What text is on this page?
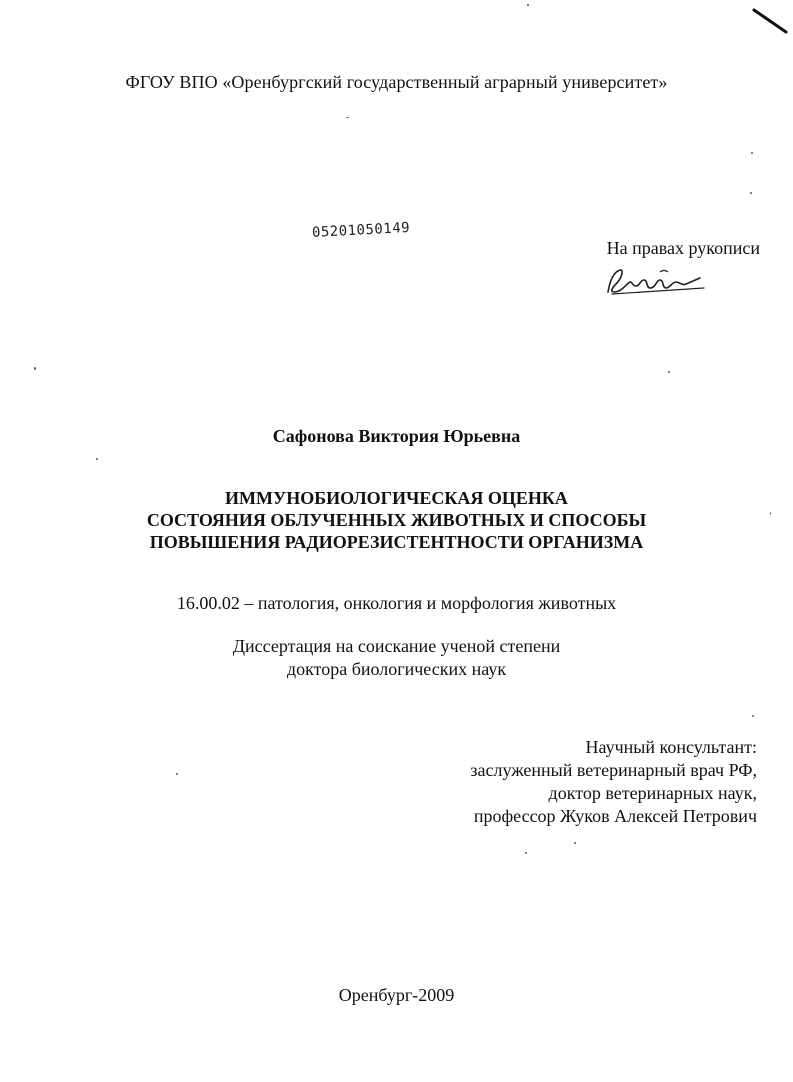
ФГОУ ВПО «Оренбургский государственный аграрный университет»
05201050149
На правах рукописи
Сафонова Виктория Юрьевна
ИММУНОБИОЛОГИЧЕСКАЯ ОЦЕНКА
СОСТОЯНИЯ ОБЛУЧЕННЫХ ЖИВОТНЫХ И СПОСОБЫ
ПОВЫШЕНИЯ РАДИОРЕЗИСТЕНТНОСТИ ОРГАНИЗМА
16.00.02 – патология, онкология и морфология животных
Диссертация на соискание ученой степени
доктора биологических наук
Научный консультант:
заслуженный ветеринарный врач РФ,
доктор ветеринарных наук,
профессор Жуков Алексей Петрович
Оренбург-2009
